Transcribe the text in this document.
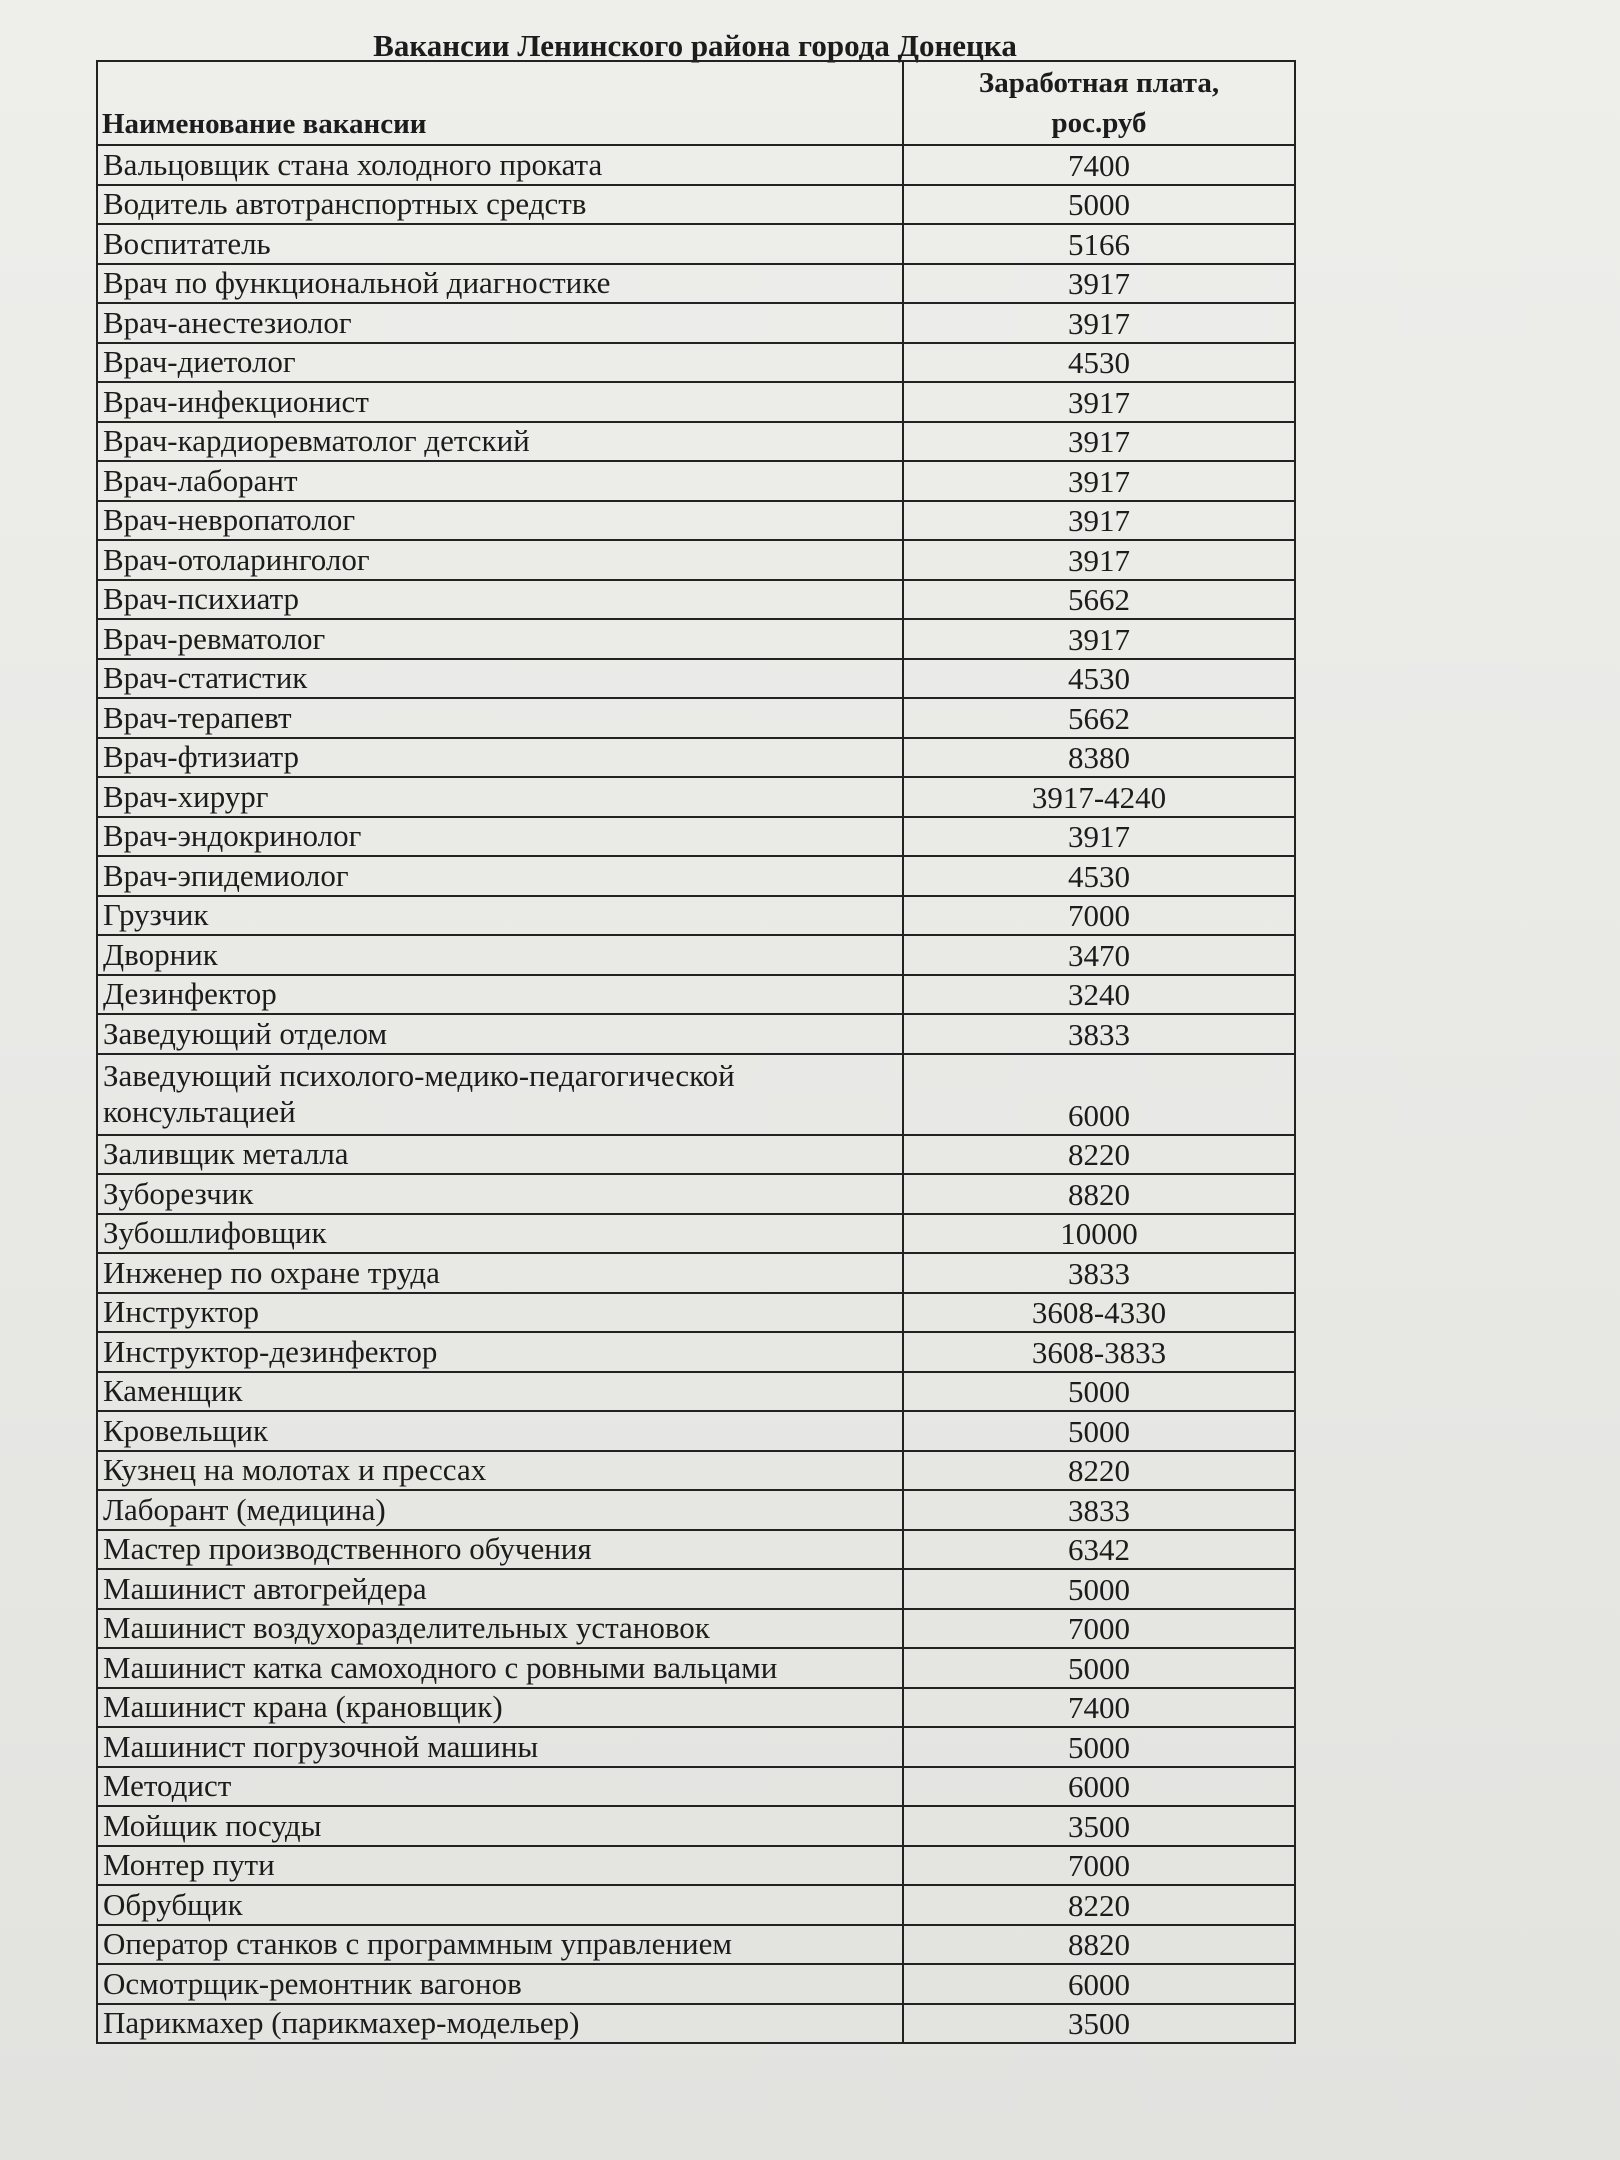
Вакансии Ленинского района города Донецка
Наименование вакансии	Заработная плата,
рос.руб

Вальцовщик стана холодного проката	7400
Водитель автотранспортных средств	5000
Воспитатель	5166
Врач по функциональной диагностике	3917
Врач-анестезиолог	3917
Врач-диетолог	4530
Врач-инфекционист	3917
Врач-кардиоревматолог детский	3917
Врач-лаборант	3917
Врач-невропатолог	3917
Врач-отоларинголог	3917
Врач-психиатр	5662
Врач-ревматолог	3917
Врач-статистик	4530
Врач-терапевт	5662
Врач-фтизиатр	8380
Врач-хирург	3917-4240
Врач-эндокринолог	3917
Врач-эпидемиолог	4530
Грузчик	7000
Дворник	3470
Дезинфектор	3240
Заведующий отделом	3833
Заведующий психолого-медико-педагогической консультацией	6000
Заливщик металла	8220
Зуборезчик	8820
Зубошлифовщик	10000
Инженер по охране труда	3833
Инструктор	3608-4330
Инструктор-дезинфектор	3608-3833
Каменщик	5000
Кровельщик	5000
Кузнец на молотах и прессах	8220
Лаборант (медицина)	3833
Мастер производственного обучения	6342
Машинист автогрейдера	5000
Машинист воздухоразделительных установок	7000
Машинист катка самоходного с ровными вальцами	5000
Машинист крана (крановщик)	7400
Машинист погрузочной машины	5000
Методист	6000
Мойщик посуды	3500
Монтер пути	7000
Обрубщик	8220
Оператор станков с программным управлением	8820
Осмотрщик-ремонтник вагонов	6000
Парикмахер (парикмахер-модельер)	3500
